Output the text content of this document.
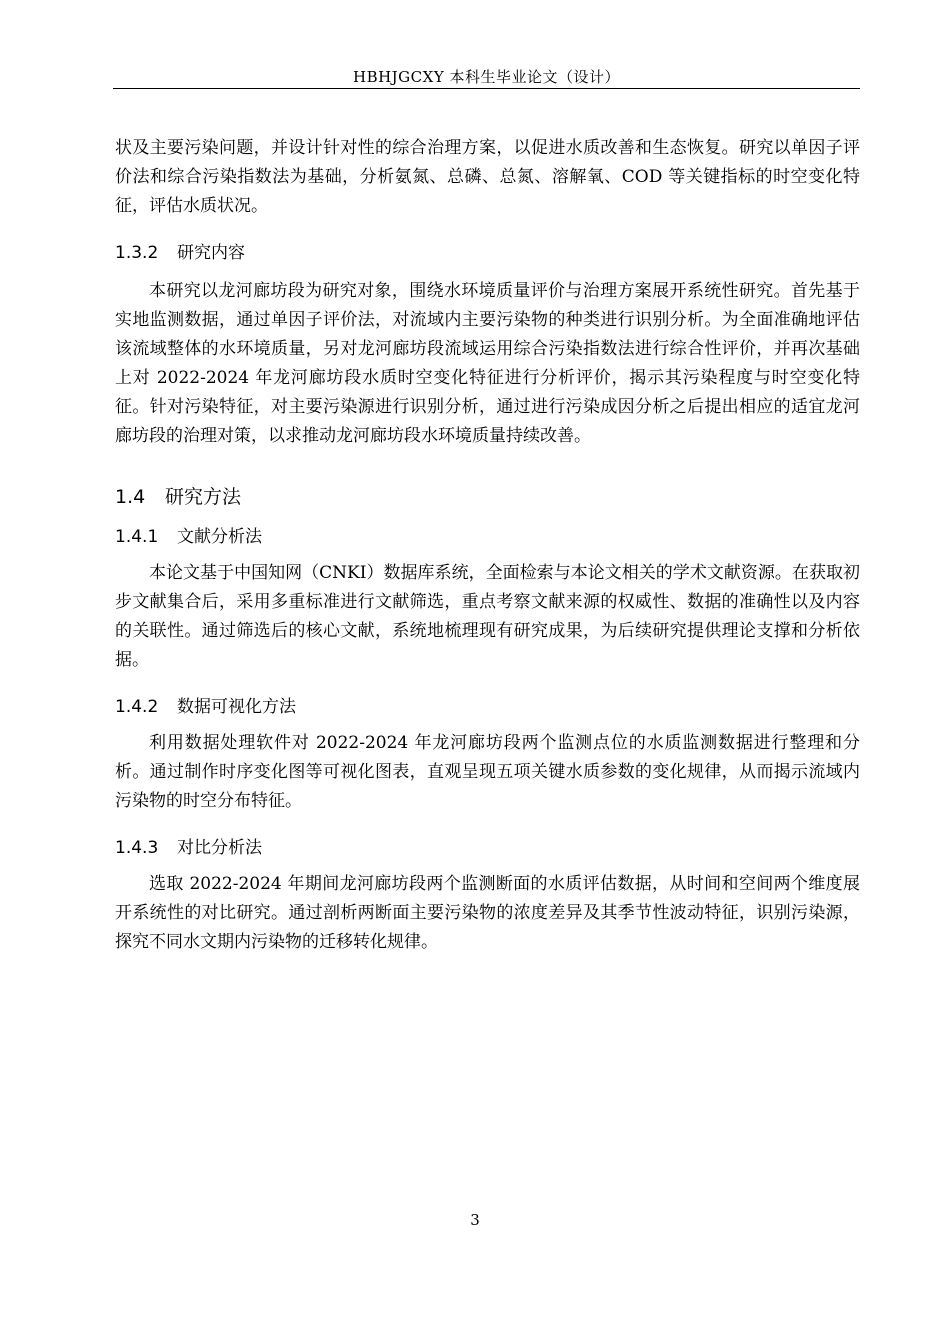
HBHJGCXY 本科生毕业论文（设计）

状及主要污染问题，并设计针对性的综合治理方案，以促进水质改善和生态恢复。研究以单因子评价法和综合污染指数法为基础，分析氨氮、总磷、总氮、溶解氧、COD 等关键指标的时空变化特征，评估水质状况。

1.3.2 研究内容

本研究以龙河廊坊段为研究对象，围绕水环境质量评价与治理方案展开系统性研究。首先基于实地监测数据，通过单因子评价法，对流域内主要污染物的种类进行识别分析。为全面准确地评估该流域整体的水环境质量，另对龙河廊坊段流域运用综合污染指数法进行综合性评价，并再次基础上对 2022-2024 年龙河廊坊段水质时空变化特征进行分析评价，揭示其污染程度与时空变化特征。针对污染特征，对主要污染源进行识别分析，通过进行污染成因分析之后提出相应的适宜龙河廊坊段的治理对策，以求推动龙河廊坊段水环境质量持续改善。

1.4 研究方法
1.4.1 文献分析法

本论文基于中国知网（CNKI）数据库系统，全面检索与本论文相关的学术文献资源。在获取初步文献集合后，采用多重标准进行文献筛选，重点考察文献来源的权威性、数据的准确性以及内容的关联性。通过筛选后的核心文献，系统地梳理现有研究成果，为后续研究提供理论支撑和分析依据。

1.4.2 数据可视化方法

利用数据处理软件对 2022-2024 年龙河廊坊段两个监测点位的水质监测数据进行整理和分析。通过制作时序变化图等可视化图表，直观呈现五项关键水质参数的变化规律，从而揭示流域内污染物的时空分布特征。

1.4.3 对比分析法

选取 2022-2024 年期间龙河廊坊段两个监测断面的水质评估数据，从时间和空间两个维度展开系统性的对比研究。通过剖析两断面主要污染物的浓度差异及其季节性波动特征，识别污染源，探究不同水文期内污染物的迁移转化规律。

3
